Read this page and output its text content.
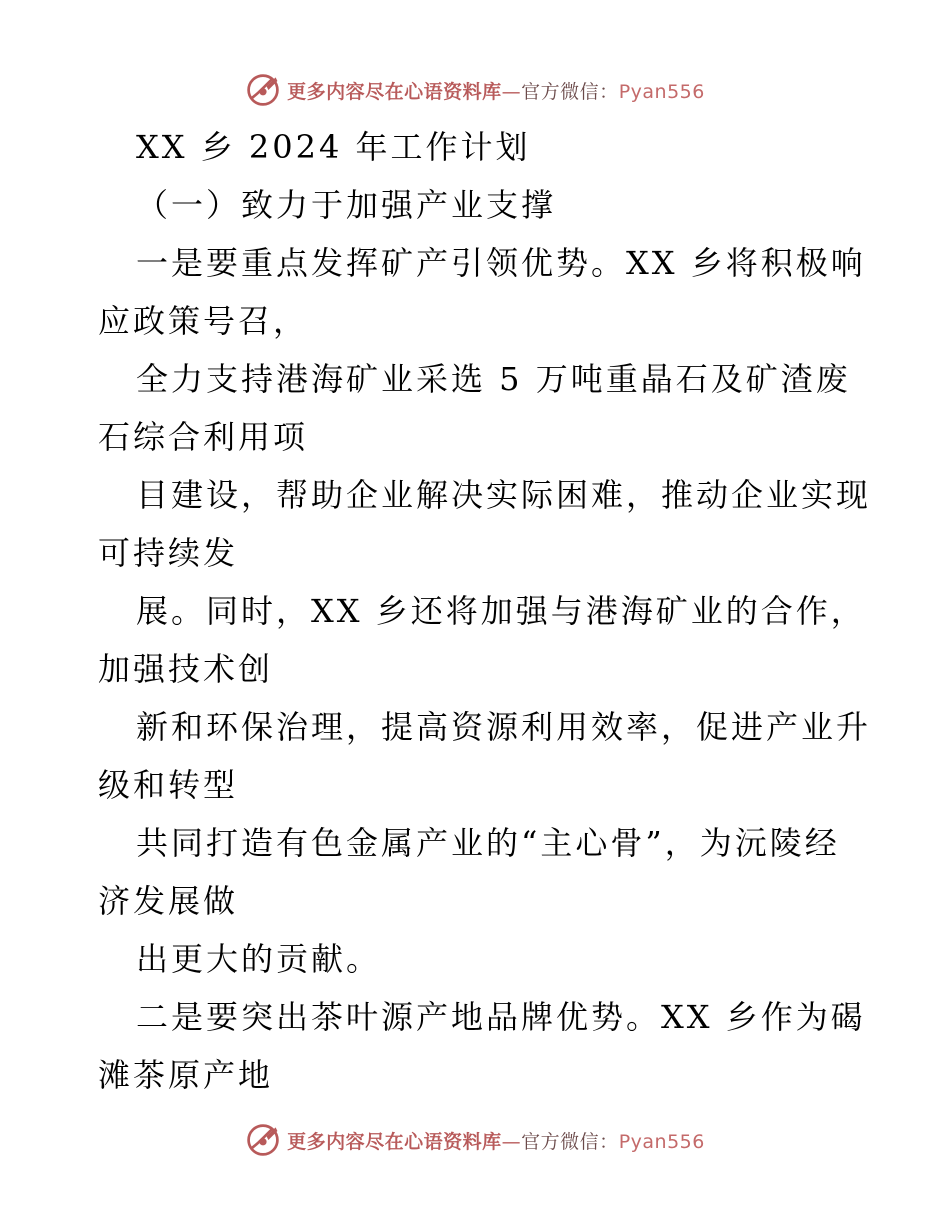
更多内容尽在心语资料库—官方微信：Pyan556
XX 乡 2024 年工作计划
（一）致力于加强产业支撑
一是要重点发挥矿产引领优势。XX 乡将积极响
应政策号召，
全力支持港海矿业采选 5 万吨重晶石及矿渣废
石综合利用项
目建设，帮助企业解决实际困难，推动企业实现
可持续发
展。同时，XX 乡还将加强与港海矿业的合作，
加强技术创
新和环保治理，提高资源利用效率，促进产业升
级和转型
共同打造有色金属产业的“主心骨”，为沅陵经
济发展做
出更大的贡献。
二是要突出茶叶源产地品牌优势。XX 乡作为碣
滩茶原产地
更多内容尽在心语资料库—官方微信：Pyan556
